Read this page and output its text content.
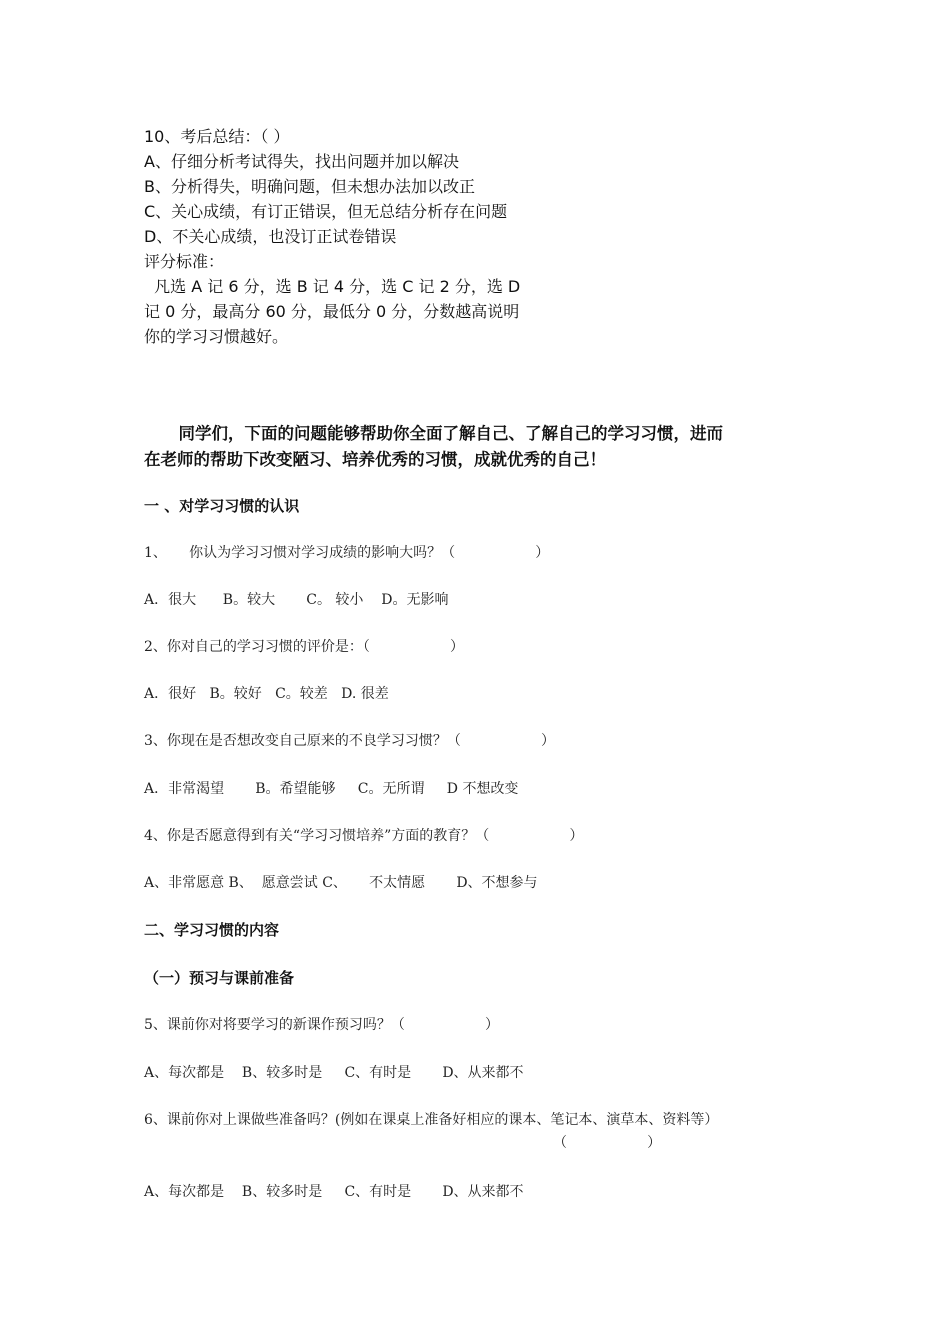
10、考后总结：（ ）
A、仔细分析考试得失，找出问题并加以解决
B、分析得失，明确问题，但未想办法加以改正
C、关心成绩，有订正错误，但无总结分析存在问题
D、不关心成绩，也没订正试卷错误
评分标准：
凡选 A 记 6 分，选 B 记 4 分，选 C 记 2 分，选 D
记 0 分，最高分 60 分，最低分 0 分，分数越高说明
你的学习习惯越好。
同学们，下面的问题能够帮助你全面了解自己、了解自己的学习习惯，进而
在老师的帮助下改变陋习、培养优秀的习惯，成就优秀的自己！
一 、对学习习惯的认识
1、     你认为学习习惯对学习成绩的影响大吗？（                  ）
A．很大      B。较大       C。 较小    D。无影响
2、你对自己的学习习惯的评价是：（                  ）
A．很好   B。较好   C。较差   D. 很差
3、你现在是否想改变自己原来的不良学习习惯？（                  ）
A．非常渴望       B。希望能够     C。无所谓     D 不想改变
4、你是否愿意得到有关“学习习惯培养”方面的教育？（                  ）
A、非常愿意 B、  愿意尝试 C、     不太情愿       D、不想参与
二、学习习惯的内容
（一）预习与课前准备
5、课前你对将要学习的新课作预习吗？（                  ）
A、每次都是    B、较多时是     C、有时是       D、从来都不
6、课前你对上课做些准备吗？(例如在课桌上准备好相应的课本、笔记本、演草本、资料等）
（                  ）
A、每次都是    B、较多时是     C、有时是       D、从来都不
